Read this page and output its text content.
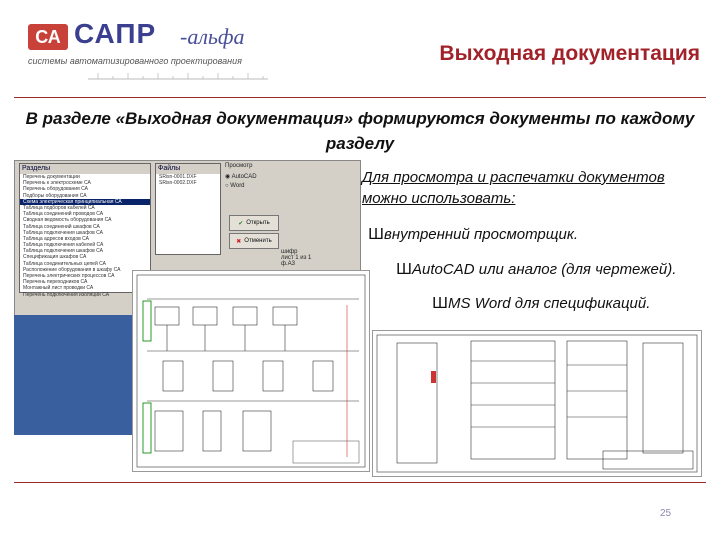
СА САПР -альфа
системы автоматизированного проектирования	Выходная документация
В разделе «Выходная документация» формируются документы по каждому разделу
Разделы
Перечень документации
Перечень к электросхеме СА
Перечень оборудования СА
Подборы оборудования СА
Схема электрическая принципиальная СА
Таблица подборов кабелей СА
Таблица соединений проводов СА
Сводная ведомость оборудования СА
Таблица соединений шкафов СА
Таблица подключения шкафов СА
Таблица адресов входов СА
Таблица подключения кабелей СА
Таблица подключения шкафов СА
Спецификация шкафов СА
Таблица соединительных цепей СА
Расположение оборудования в шкафу СА
Перечень электрических процессов СА
Перечень переходников СА
Монтажный лист проводки СА
Перечень подключения изоляции СА
Файлы
SRisn-0001.DXF
SRisn-0002.DXF
Просмотр
◉ AutoCAD
○ Word
✔ Открыть
✖ Отменить
шифр
лист 1 из 1
ф.А3
Для просмотра и распечатки документов можно использовать:
Швнутренний просмотрщик.
ШAutoCAD или аналог (для чертежей).
ШMS Word для спецификаций.
25
